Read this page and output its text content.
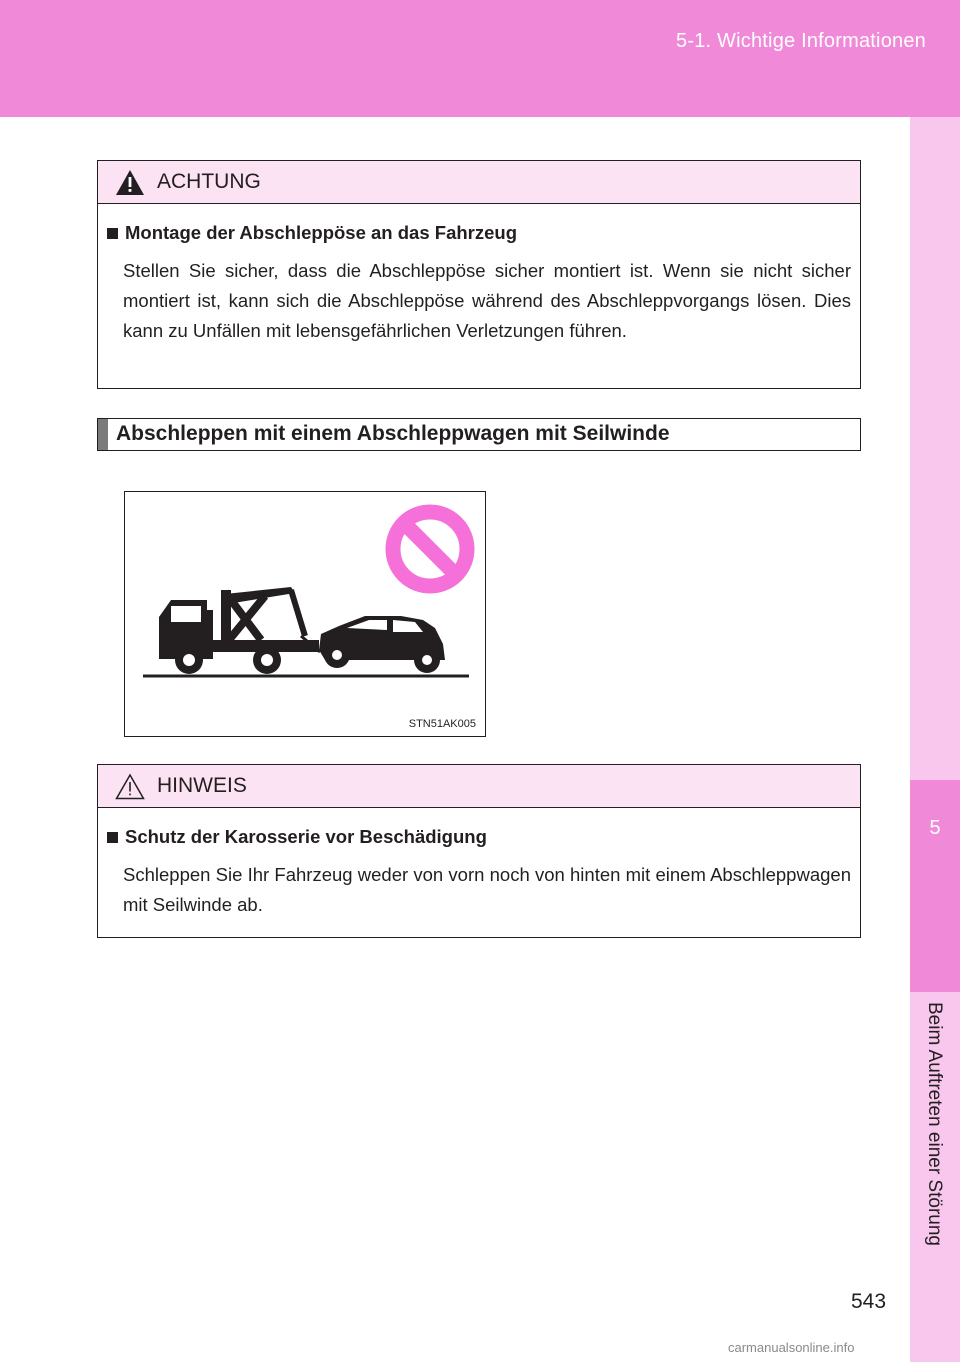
5-1. Wichtige Informationen
5
Beim Auftreten einer Störung
ACHTUNG
Montage der Abschleppöse an das Fahrzeug
Stellen Sie sicher, dass die Abschleppöse sicher montiert ist. Wenn sie nicht sicher montiert ist, kann sich die Abschleppöse während des Abschleppvorgangs lösen. Dies kann zu Unfällen mit lebensgefährlichen Verletzungen führen.
Abschleppen mit einem Abschleppwagen mit Seilwinde
STN51AK005
HINWEIS
Schutz der Karosserie vor Beschädigung
Schleppen Sie Ihr Fahrzeug weder von vorn noch von hinten mit einem Abschleppwagen mit Seilwinde ab.
543
carmanualsonline.info
